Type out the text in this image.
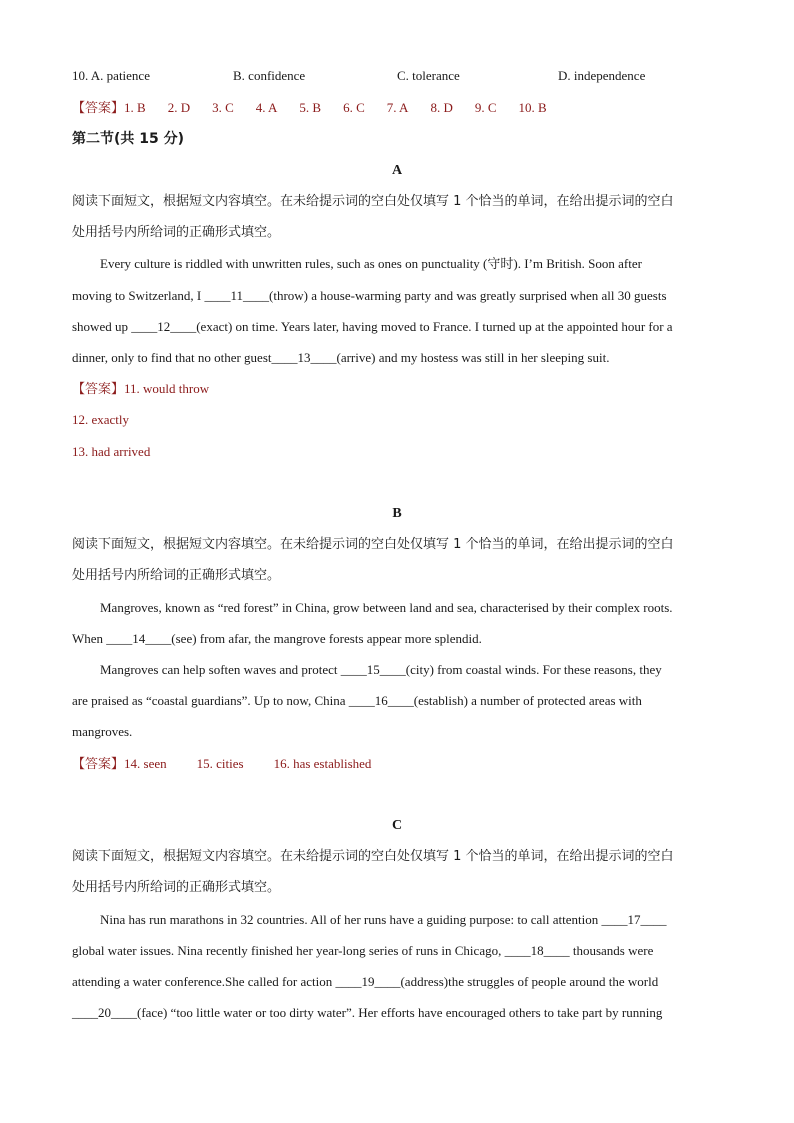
10. A. patience	B. confidence	C. tolerance	D. independence
【答案】1. B 2. D 3. C 4. A 5. B 6. C 7. A 8. D 9. C 10. B
第二节(共 15 分)
A
阅读下面短文，根据短文内容填空。在未给提示词的空白处仅填写 1 个恰当的单词，在给出提示词的空白
处用括号内所给词的正确形式填空。
Every culture is riddled with unwritten rules, such as ones on punctuality (守时). I’m British. Soon after
moving to Switzerland, I ____11____(throw) a house-warming party and was greatly surprised when all 30 guests
showed up ____12____(exact) on time. Years later, having moved to France. I turned up at the appointed hour for a
dinner, only to find that no other guest____13____(arrive) and my hostess was still in her sleeping suit.
【答案】11. would throw
12. exactly
13. had arrived
B
阅读下面短文，根据短文内容填空。在未给提示词的空白处仅填写 1 个恰当的单词，在给出提示词的空白
处用括号内所给词的正确形式填空。
Mangroves, known as “red forest” in China, grow between land and sea, characterised by their complex roots.
When ____14____(see) from afar, the mangrove forests appear more splendid.
Mangroves can help soften waves and protect ____15____(city) from coastal winds. For these reasons, they
are praised as “coastal guardians”. Up to now, China ____16____(establish) a number of protected areas with
mangroves.
【答案】14. seen 15. cities 16. has established
C
阅读下面短文，根据短文内容填空。在未给提示词的空白处仅填写 1 个恰当的单词，在给出提示词的空白
处用括号内所给词的正确形式填空。
Nina has run marathons in 32 countries. All of her runs have a guiding purpose: to call attention ____17____
global water issues. Nina recently finished her year-long series of runs in Chicago, ____18____ thousands were
attending a water conference.She called for action ____19____(address)the struggles of people around the world
____20____(face) “too little water or too dirty water”. Her efforts have encouraged others to take part by running
